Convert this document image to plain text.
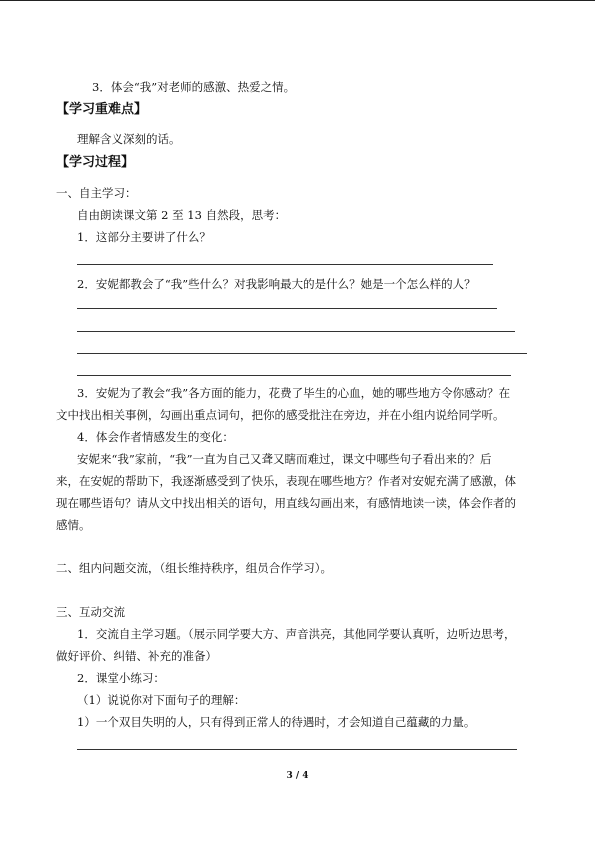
3．体会“我”对老师的感激、热爱之情。
【学习重难点】
理解含义深刻的话。
【学习过程】
一、自主学习：
自由朗读课文第 2 至 13 自然段，思考：
1．这部分主要讲了什么？
2．安妮都教会了“我”些什么？对我影响最大的是什么？她是一个怎么样的人？
3．安妮为了教会“我”各方面的能力，花费了毕生的心血，她的哪些地方令你感动？在
文中找出相关事例，勾画出重点词句，把你的感受批注在旁边，并在小组内说给同学听。
4．体会作者情感发生的变化：
安妮来“我”家前，“我”一直为自己又聋又瞎而难过，课文中哪些句子看出来的？后
来，在安妮的帮助下，我逐渐感受到了快乐，表现在哪些地方？作者对安妮充满了感激，体
现在哪些语句？请从文中找出相关的语句，用直线勾画出来，有感情地读一读，体会作者的
感情。
二、组内问题交流，（组长维持秩序，组员合作学习）。
三、互动交流
1．交流自主学习题。（展示同学要大方、声音洪亮，其他同学要认真听，边听边思考，
做好评价、纠错、补充的准备）
2．课堂小练习：
（1）说说你对下面句子的理解：
1）一个双目失明的人，只有得到正常人的待遇时，才会知道自己蕴藏的力量。
3 / 4
